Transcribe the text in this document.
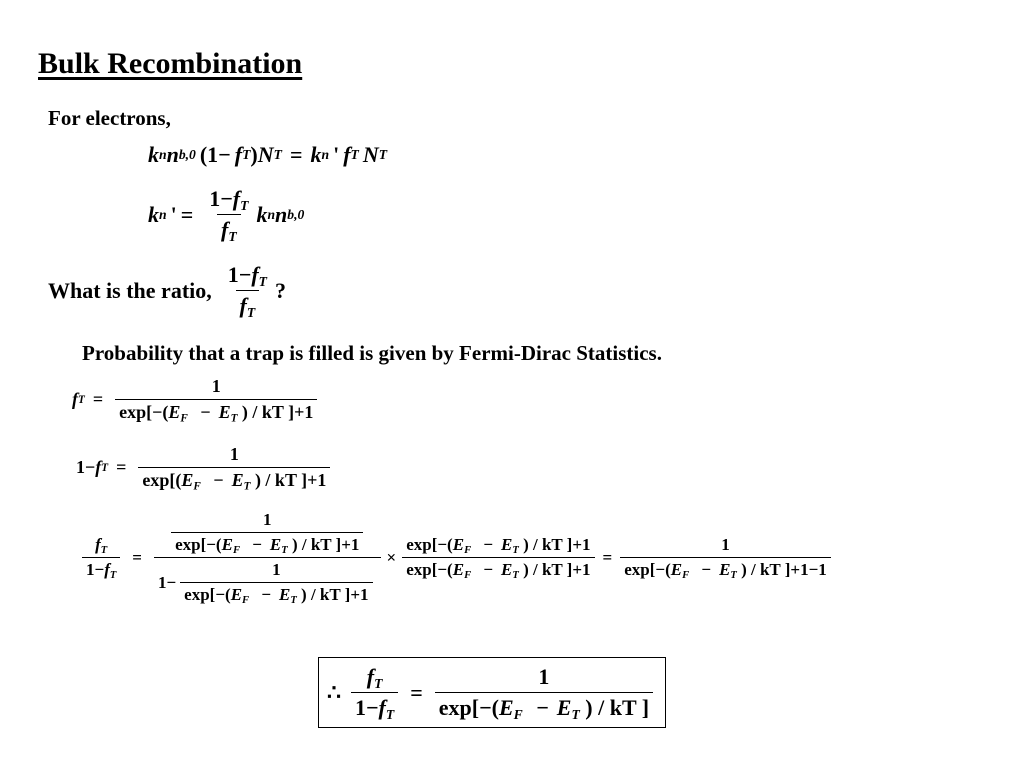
Bulk Recombination
For electrons,
k n n b,0 (1− f T ) N T = k n ' f T N T
k n ' = $\frac{1-f_T}{f_T}$ k n n b,0
What is the ratio, $\frac{1-f_T}{f_T}$ ?
Probability that a trap is filled is given by Fermi-Dirac Statistics.
f $T = \frac{1}{\exp[-(E_F - E_T ) / kT ]+1}$
1− f $T = \frac{1}{\exp[(E_F - E_T ) / kT ]+1}$
$\frac{f_T}{1-f_T}$ =
$\frac{1}{\exp[-(E_F - E_T ) / kT ]+1}$
$1- \frac{1}{\exp[-(E_F - E_T ) / kT ]+1}$
× $\frac{\exp[-(E_F - E_T ) / kT ]+1}{\exp[-(E_F - E_T ) / kT ]+1} = \frac{1}{\exp[-(E_F - E_T ) / kT ]+1-1}$
∴ $\frac{f_T}{1-f_T} = \frac{1}{\exp[-(E_F - E_T ) / kT ]}$
